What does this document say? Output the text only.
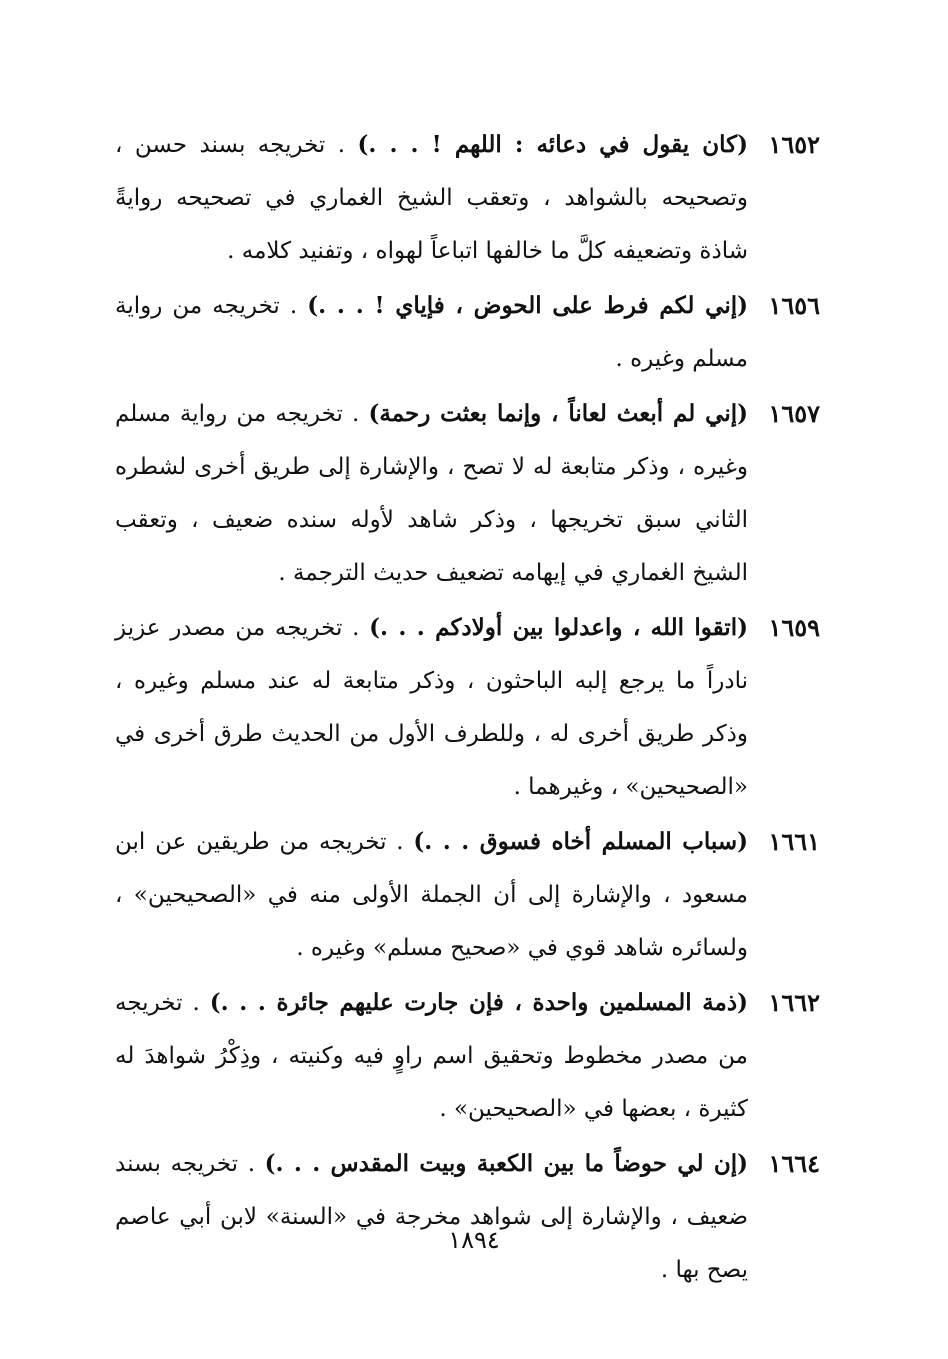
١٦٥٢
(كان يقول في دعائه : اللهم ! . . .) . تخريجه بسند حسن ، وتصحيحه بالشواهد ، وتعقب الشيخ الغماري في تصحيحه روايةً شاذة وتضعيفه كلَّ ما خالفها اتباعاً لهواه ، وتفنيد كلامه .
١٦٥٦
(إني لكم فرط على الحوض ، فإياي ! . . .) . تخريجه من رواية مسلم وغيره .
١٦٥٧
(إني لم أبعث لعاناً ، وإنما بعثت رحمة) . تخريجه من رواية مسلم وغيره ، وذكر متابعة له لا تصح ، والإشارة إلى طريق أخرى لشطره الثاني سبق تخريجها ، وذكر شاهد لأوله سنده ضعيف ، وتعقب الشيخ الغماري في إيهامه تضعيف حديث الترجمة .
١٦٥٩
(اتقوا الله ، واعدلوا بين أولادكم . . .) . تخريجه من مصدر عزيز نادراً ما يرجع إلبه الباحثون ، وذكر متابعة له عند مسلم وغيره ، وذكر طريق أخرى له ، وللطرف الأول من الحديث طرق أخرى في «الصحيحين» ، وغيرهما .
١٦٦١
(سباب المسلم أخاه فسوق . . .) . تخريجه من طريقين عن ابن مسعود ، والإشارة إلى أن الجملة الأولى منه في «الصحيحين» ، ولسائره شاهد قوي في «صحيح مسلم» وغيره .
١٦٦٢
(ذمة المسلمين واحدة ، فإن جارت عليهم جائرة . . .) . تخريجه من مصدر مخطوط وتحقيق اسم راوٍ فيه وكنيته ، وذِكْرُ شواهدَ له كثيرة ، بعضها في «الصحيحين» .
١٦٦٤
(إن لي حوضاً ما بين الكعبة وبيت المقدس . . .) . تخريجه بسند ضعيف ، والإشارة إلى شواهد مخرجة في «السنة» لابن أبي عاصم يصح بها .
١٨٩٤
